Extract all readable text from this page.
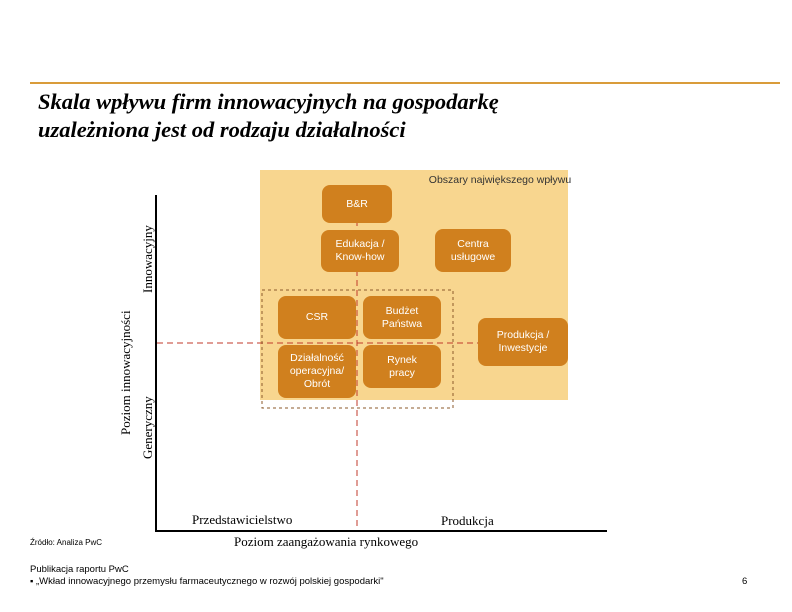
Skala wpływu firm innowacyjnych na gospodarkę
uzależniona jest od rodzaju działalności
Obszary największego wpływu
B&R
Edukacja / Know-how
Centra usługowe
CSR
Budżet Państwa
Produkcja / Inwestycje
Działalność operacyjna/ Obrót
Rynek pracy
Poziom innowacyjności
Innowacyjny
Generyczny
Przedstawicielstwo	Produkcja
Poziom zaangażowania rynkowego
Źródło: Analiza PwC
Publikacja raportu PwC
▪ „Wkład innowacyjnego przemysłu farmaceutycznego w rozwój polskiej gospodarki"	6
